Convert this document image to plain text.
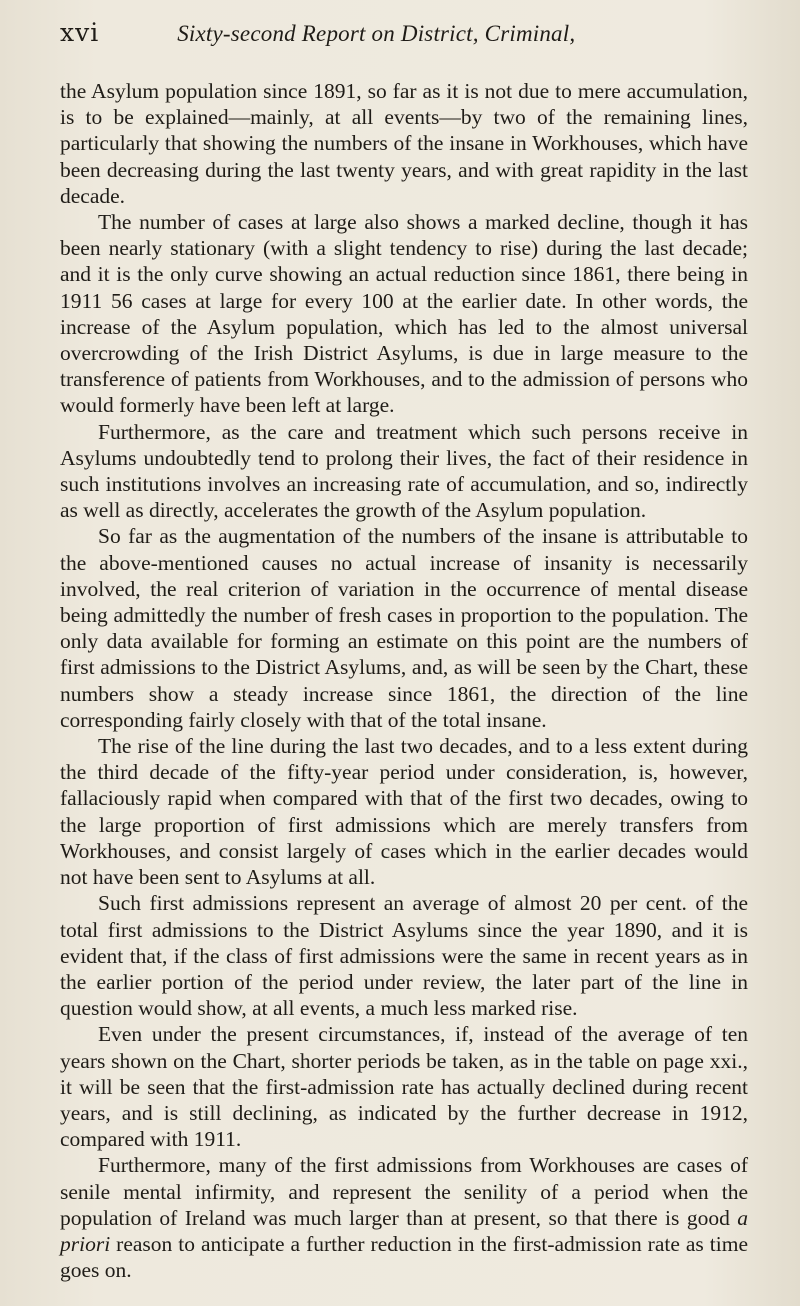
xvi	Sixty-second Report on District, Criminal,

the Asylum population since 1891, so far as it is not due to mere accumulation, is to be explained—mainly, at all events—by two of the remaining lines, particularly that showing the numbers of the insane in Workhouses, which have been decreasing during the last twenty years, and with great rapidity in the last decade.

The number of cases at large also shows a marked decline, though it has been nearly stationary (with a slight tendency to rise) during the last decade; and it is the only curve showing an actual reduction since 1861, there being in 1911 56 cases at large for every 100 at the earlier date. In other words, the increase of the Asylum population, which has led to the almost universal overcrowding of the Irish District Asylums, is due in large measure to the transference of patients from Workhouses, and to the admission of persons who would formerly have been left at large.

Furthermore, as the care and treatment which such persons receive in Asylums undoubtedly tend to prolong their lives, the fact of their residence in such institutions involves an increasing rate of accumulation, and so, indirectly as well as directly, accelerates the growth of the Asylum population.

So far as the augmentation of the numbers of the insane is attributable to the above-mentioned causes no actual increase of insanity is necessarily involved, the real criterion of variation in the occurrence of mental disease being admittedly the number of fresh cases in proportion to the population. The only data available for forming an estimate on this point are the numbers of first admissions to the District Asylums, and, as will be seen by the Chart, these numbers show a steady increase since 1861, the direction of the line corresponding fairly closely with that of the total insane.

The rise of the line during the last two decades, and to a less extent during the third decade of the fifty-year period under consideration, is, however, fallaciously rapid when compared with that of the first two decades, owing to the large proportion of first admissions which are merely transfers from Workhouses, and consist largely of cases which in the earlier decades would not have been sent to Asylums at all.

Such first admissions represent an average of almost 20 per cent. of the total first admissions to the District Asylums since the year 1890, and it is evident that, if the class of first admissions were the same in recent years as in the earlier portion of the period under review, the later part of the line in question would show, at all events, a much less marked rise.

Even under the present circumstances, if, instead of the average of ten years shown on the Chart, shorter periods be taken, as in the table on page xxi., it will be seen that the first-admission rate has actually declined during recent years, and is still declining, as indicated by the further decrease in 1912, compared with 1911.

Furthermore, many of the first admissions from Workhouses are cases of senile mental infirmity, and represent the senility of a period when the population of Ireland was much larger than at present, so that there is good a priori reason to anticipate a further reduction in the first-admission rate as time goes on.
